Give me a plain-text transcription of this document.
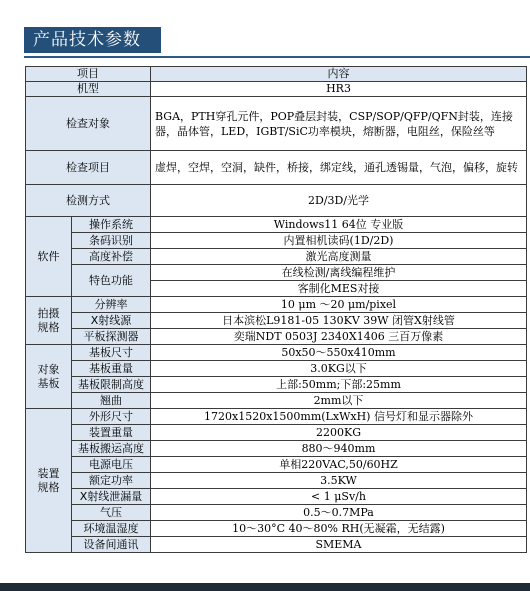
产品技术参数
项目		内容
机型		HR3
检查对象		BGA，PTH穿孔元件，POP叠层封装，CSP/SOP/QFP/QFN封装，连接器，晶体管，LED，IGBT/SiC功率模块，熔断器，电阻丝，保险丝等
检查项目		虚焊，空焊，空洞，缺件，桥接，绑定线，通孔透锡量，气泡，偏移，旋转
检测方式		2D/3D/光学
软件	操作系统	Windows11 64位 专业版
	条码识别	内置相机读码(1D/2D)
	高度补偿	激光高度测量
	特色功能	在线检测/离线编程维护
		客制化MES对接

拍摄
规格	分辨率	10 μm ～20 μm/pixel
	X射线源	日本滨松L9181-05 130KV 39W 闭管X射线管
	平板探测器	奕瑞NDT 0503J 2340X1406 三百万像素

对象
基板	基板尺寸	50x50～550x410mm
	基板重量	3.0KG以下
	基板限制高度	上部:50mm;下部:25mm
	翘曲	2mm以下

装置
规格	外形尺寸	1720x1520x1500mm(LxWxH) 信号灯和显示器除外
	装置重量	2200KG
	基板搬运高度	880～940mm
	电源电压	单相220VAC,50/60HZ
	额定功率	3.5KW
	X射线泄漏量	< 1 μSv/h
	气压	0.5～0.7MPa
	环境温湿度	10～30°C 40～80% RH(无凝霜，无结露)
	设备间通讯	SMEMA
